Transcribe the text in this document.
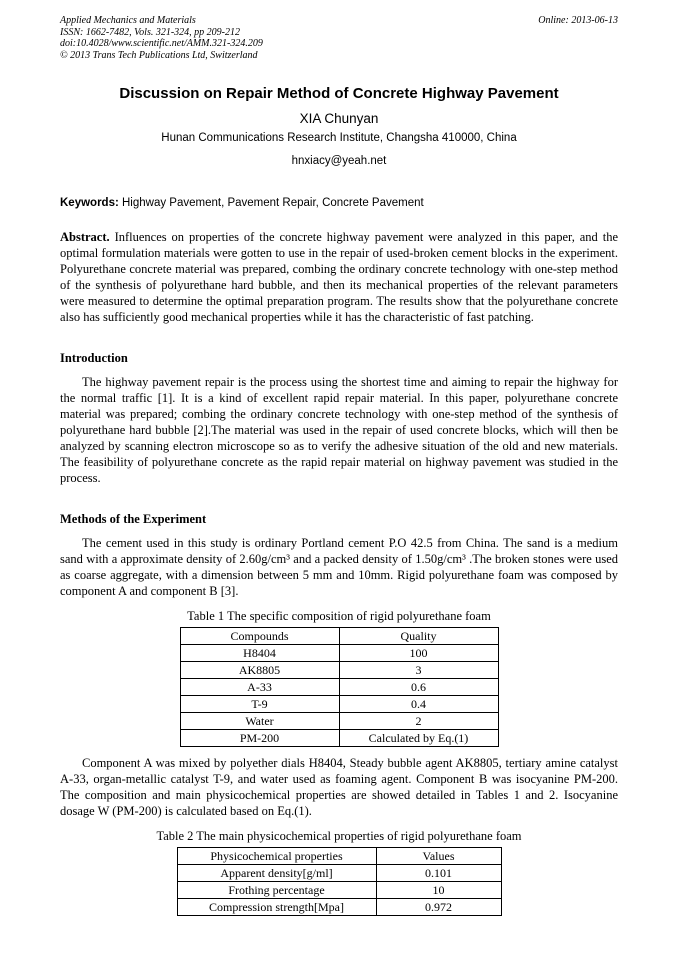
Applied Mechanics and Materials
ISSN: 1662-7482, Vols. 321-324, pp 209-212
doi:10.4028/www.scientific.net/AMM.321-324.209
© 2013 Trans Tech Publications Ltd, Switzerland
Online: 2013-06-13
Discussion on Repair Method of Concrete Highway Pavement
XIA Chunyan
Hunan Communications Research Institute, Changsha 410000, China
hnxiacy@yeah.net
Keywords: Highway Pavement, Pavement Repair, Concrete Pavement
Abstract. Influences on properties of the concrete highway pavement were analyzed in this paper, and the optimal formulation materials were gotten to use in the repair of used-broken cement blocks in the experiment. Polyurethane concrete material was prepared, combing the ordinary concrete technology with one-step method of the synthesis of polyurethane hard bubble, and then its mechanical properties of the relevant parameters were measured to determine the optimal preparation program. The results show that the polyurethane concrete also has sufficiently good mechanical properties while it has the characteristic of fast patching.
Introduction
The highway pavement repair is the process using the shortest time and aiming to repair the highway for the normal traffic [1]. It is a kind of excellent rapid repair material. In this paper, polyurethane concrete material was prepared; combing the ordinary concrete technology with one-step method of the synthesis of polyurethane hard bubble [2].The material was used in the repair of used concrete blocks, which will then be analyzed by scanning electron microscope so as to verify the adhesive situation of the old and new materials. The feasibility of polyurethane concrete as the rapid repair material on highway pavement was studied in the process.
Methods of the Experiment
The cement used in this study is ordinary Portland cement P.O 42.5 from China. The sand is a medium sand with a approximate density of 2.60g/cm³ and a packed density of 1.50g/cm³ .The broken stones were used as coarse aggregate, with a dimension between 5 mm and 10mm. Rigid polyurethane foam was composed by component A and component B [3].
Table 1 The specific composition of rigid polyurethane foam
Compounds	Quality
H8404	100
AK8805	3
A-33	0.6
T-9	0.4
Water	2
PM-200	Calculated by Eq.(1)
Component A was mixed by polyether dials H8404, Steady bubble agent AK8805, tertiary amine catalyst A-33, organ-metallic catalyst T-9, and water used as foaming agent. Component B was isocyanine PM-200. The composition and main physicochemical properties are showed detailed in Tables 1 and 2. Isocyanine dosage W (PM-200) is calculated based on Eq.(1).
Table 2 The main physicochemical properties of rigid polyurethane foam
Physicochemical properties	Values
Apparent density[g/ml]	0.101
Frothing percentage	10
Compression strength[Mpa]	0.972
